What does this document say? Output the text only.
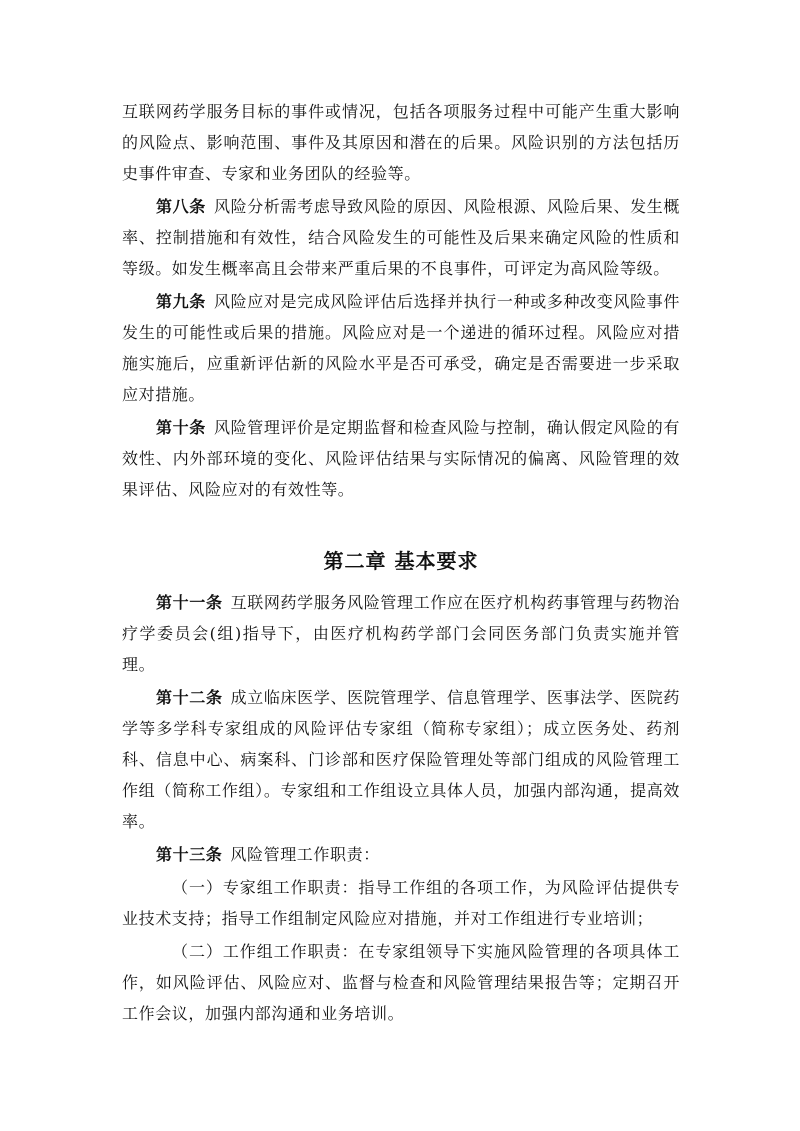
互联网药学服务目标的事件或情况，包括各项服务过程中可能产生重大影响的风险点、影响范围、事件及其原因和潜在的后果。风险识别的方法包括历史事件审查、专家和业务团队的经验等。

第八条 风险分析需考虑导致风险的原因、风险根源、风险后果、发生概率、控制措施和有效性，结合风险发生的可能性及后果来确定风险的性质和等级。如发生概率高且会带来严重后果的不良事件，可评定为高风险等级。

第九条 风险应对是完成风险评估后选择并执行一种或多种改变风险事件发生的可能性或后果的措施。风险应对是一个递进的循环过程。风险应对措施实施后，应重新评估新的风险水平是否可承受，确定是否需要进一步采取应对措施。

第十条 风险管理评价是定期监督和检查风险与控制，确认假定风险的有效性、内外部环境的变化、风险评估结果与实际情况的偏离、风险管理的效果评估、风险应对的有效性等。

第二章 基本要求

第十一条 互联网药学服务风险管理工作应在医疗机构药事管理与药物治疗学委员会(组)指导下，由医疗机构药学部门会同医务部门负责实施并管理。

第十二条 成立临床医学、医院管理学、信息管理学、医事法学、医院药学等多学科专家组成的风险评估专家组（简称专家组）；成立医务处、药剂科、信息中心、病案科、门诊部和医疗保险管理处等部门组成的风险管理工作组（简称工作组）。专家组和工作组设立具体人员，加强内部沟通，提高效率。

第十三条 风险管理工作职责：

（一）专家组工作职责：指导工作组的各项工作，为风险评估提供专业技术支持；指导工作组制定风险应对措施，并对工作组进行专业培训；

（二）工作组工作职责：在专家组领导下实施风险管理的各项具体工作，如风险评估、风险应对、监督与检查和风险管理结果报告等；定期召开工作会议，加强内部沟通和业务培训。
